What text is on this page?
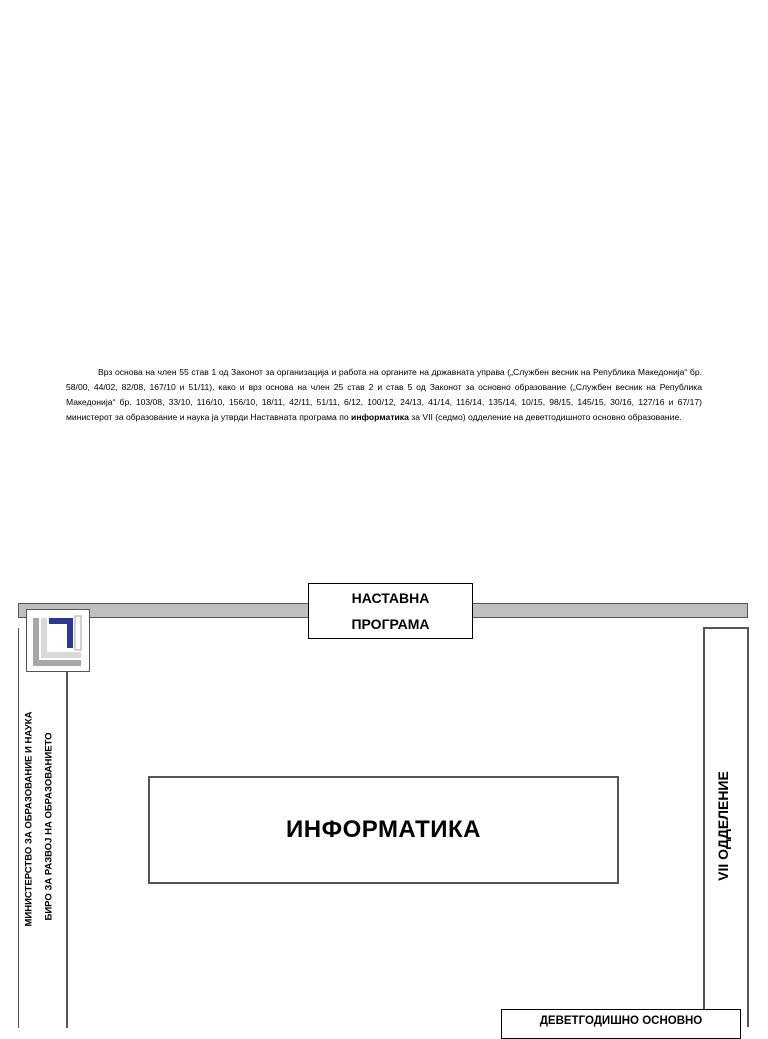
Врз основа на член 55 став 1 од Законот за организација и работа на органите на државната управа („Службен весник на Република Македонија“ бр. 58/00, 44/02, 82/08, 167/10 и 51/11), како и врз основа на член 25 став 2 и став 5 од Законот за основно образование („Службен весник на Република Македонија“ бр. 103/08, 33/10, 116/10, 156/10, 18/11, 42/11, 51/11, 6/12, 100/12, 24/13, 41/14, 116/14, 135/14, 10/15, 98/15, 145/15, 30/16, 127/16 и 67/17) министерот за образование и наука ја утврди Наставната програма по информатика за VII (седмо) одделение на деветгодишното основно образование.

НАСТАВНА
ПРОГРАМА
МИНИСТЕРСТВО ЗА ОБРАЗОВАНИЕ И НАУКА БИРО ЗА РАЗВОЈ НА ОБРАЗОВАНИЕТО	VII ОДДЕЛЕНИЕ
ИНФОРМАТИКА
ДЕВЕТГОДИШНО ОСНОВНО
